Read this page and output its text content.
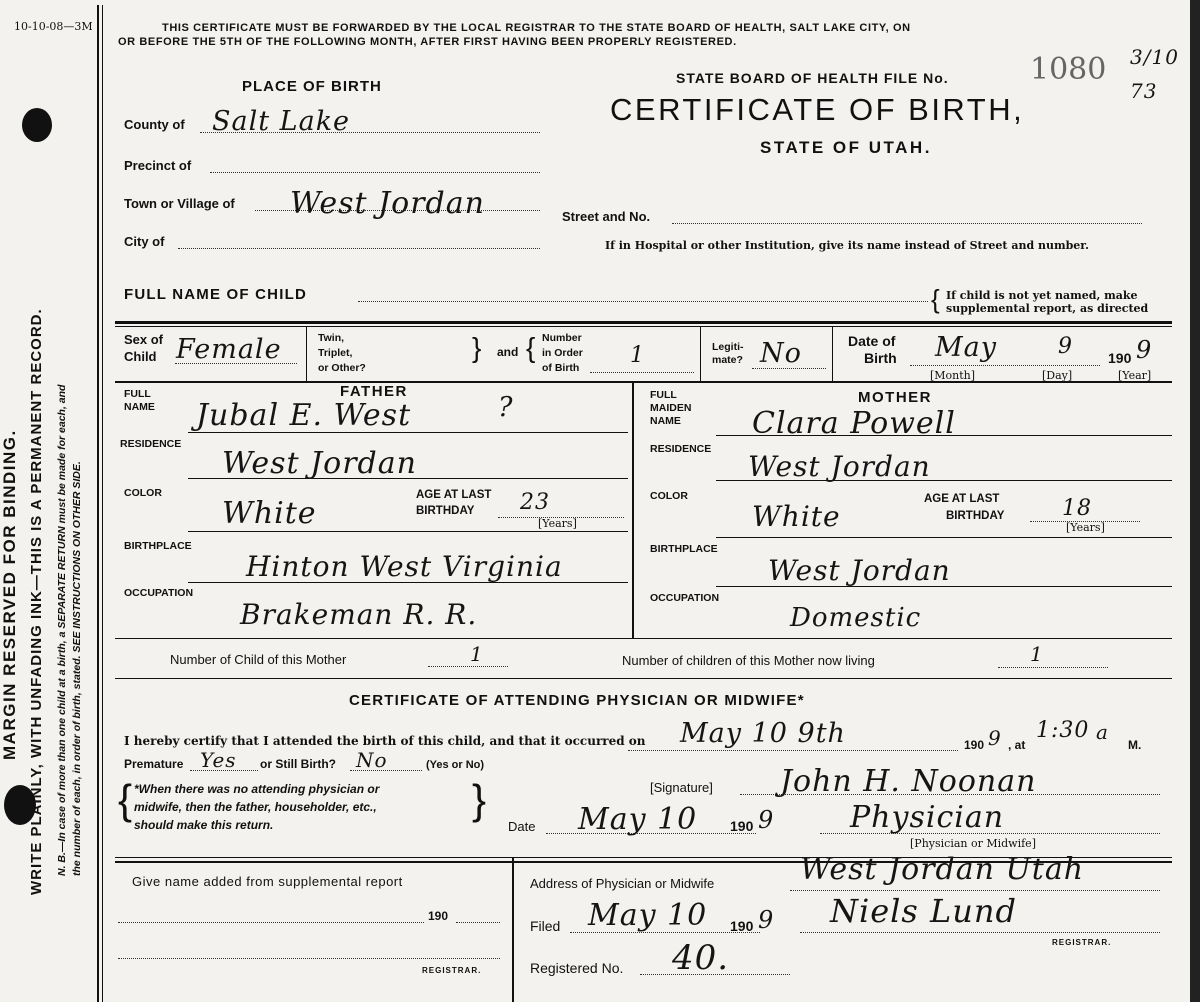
10-10-08—3M
MARGIN RESERVED FOR BINDING. WRITE PLAINLY, WITH UNFADING INK—THIS IS A PERMANENT RECORD. N. B.—In case of more than one child at a birth, a SEPARATE RETURN must be made for each, and the number of each, in order of birth, stated. SEE INSTRUCTIONS ON OTHER SIDE.
THIS CERTIFICATE MUST BE FORWARDED BY THE LOCAL REGISTRAR TO THE STATE BOARD OF HEALTH, SALT LAKE CITY, ON
OR BEFORE THE 5TH OF THE FOLLOWING MONTH, AFTER FIRST HAVING BEEN PROPERLY REGISTERED.
STATE BOARD OF HEALTH FILE No.	1080 3/10 73
CERTIFICATE OF BIRTH,
STATE OF UTAH.
PLACE OF BIRTH
County of Salt Lake
Precinct of
Town or Village of West Jordan	Street and No.
City of	If in Hospital or other Institution, give its name instead of Street and number.
FULL NAME OF CHILD	{ If child is not yet named, make
supplemental report, as directed
Sex of
Child Female	Twin,
Triplet,
or Other?
} and { Number
in Order
of Birth 1	Legiti-
mate? No	Date of
Birth May	9	190 9
[Month]	[Day]	[Year]
FATHER
FULL
NAME Jubal E. West	?
RESIDENCE
West Jordan
COLOR
White
AGE AT LAST
BIRTHDAY 23
[Years]
BIRTHPLACE
Hinton West Virginia
OCCUPATION
Brakeman R. R.
MOTHER
FULL
MAIDEN
NAME Clara Powell
RESIDENCE
West Jordan
COLOR
White
AGE AT LAST
BIRTHDAY	18
[Years]
BIRTHPLACE
West Jordan
OCCUPATION
Domestic
Number of Child of this Mother	1	Number of children of this Mother now living	1
CERTIFICATE OF ATTENDING PHYSICIAN OR MIDWIFE*
I hereby certify that I attended the birth of this child, and that it occurred on May 10 9th	190 9 , at
1:30 a
M.
Premature Yes or Still Birth? No	(Yes or No)
{ *When there was no attending physician or
midwife, then the father, householder, etc.,
should make this return.
}	[Signature] John H. Noonan
Date May 10 190 9	Physician
[Physician or Midwife]
Give name added from supplemental report
190
REGISTRAR.
Address of Physician or Midwife	West Jordan Utah
Filed May 10 190 9 Niels Lund
REGISTRAR.
Registered No. 40.
